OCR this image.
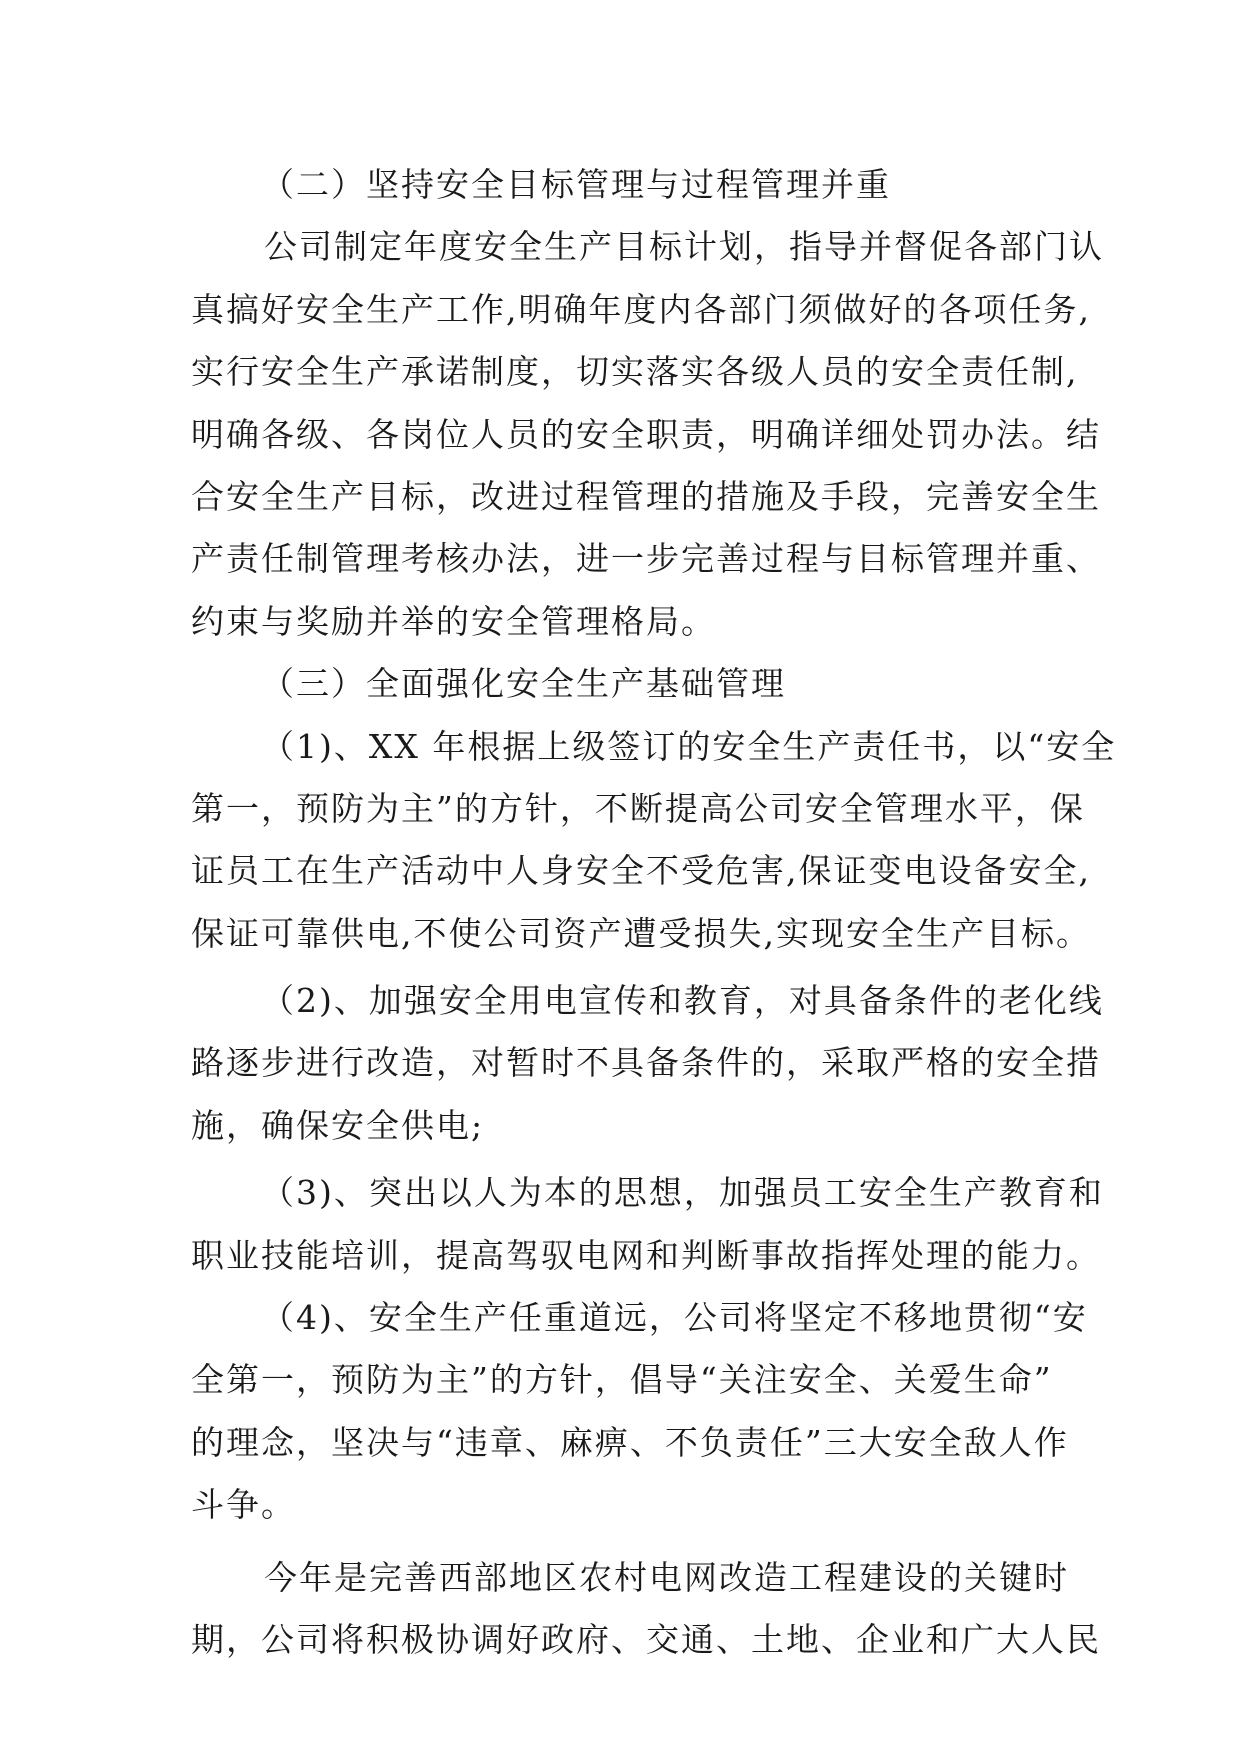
（二）坚持安全目标管理与过程管理并重
公司制定年度安全生产目标计划，指导并督促各部门认
真搞好安全生产工作,明确年度内各部门须做好的各项任务,
实行安全生产承诺制度，切实落实各级人员的安全责任制,
明确各级、各岗位人员的安全职责，明确详细处罚办法。结
合安全生产目标，改进过程管理的措施及手段，完善安全生
产责任制管理考核办法，进一步完善过程与目标管理并重、
约束与奖励并举的安全管理格局。
（三）全面强化安全生产基础管理
（1)、XX 年根据上级签订的安全生产责任书，以“安全
第一，预防为主”的方针，不断提高公司安全管理水平，保
证员工在生产活动中人身安全不受危害,保证变电设备安全,
保证可靠供电,不使公司资产遭受损失,实现安全生产目标。
（2)、加强安全用电宣传和教育，对具备条件的老化线
路逐步进行改造，对暂时不具备条件的，采取严格的安全措
施，确保安全供电;
（3)、突出以人为本的思想，加强员工安全生产教育和
职业技能培训，提高驾驭电网和判断事故指挥处理的能力。
（4)、安全生产任重道远，公司将坚定不移地贯彻“安
全第一，预防为主”的方针，倡导“关注安全、关爱生命”
的理念，坚决与“违章、麻痹、不负责任”三大安全敌人作
斗争。
今年是完善西部地区农村电网改造工程建设的关键时
期，公司将积极协调好政府、交通、土地、企业和广大人民
